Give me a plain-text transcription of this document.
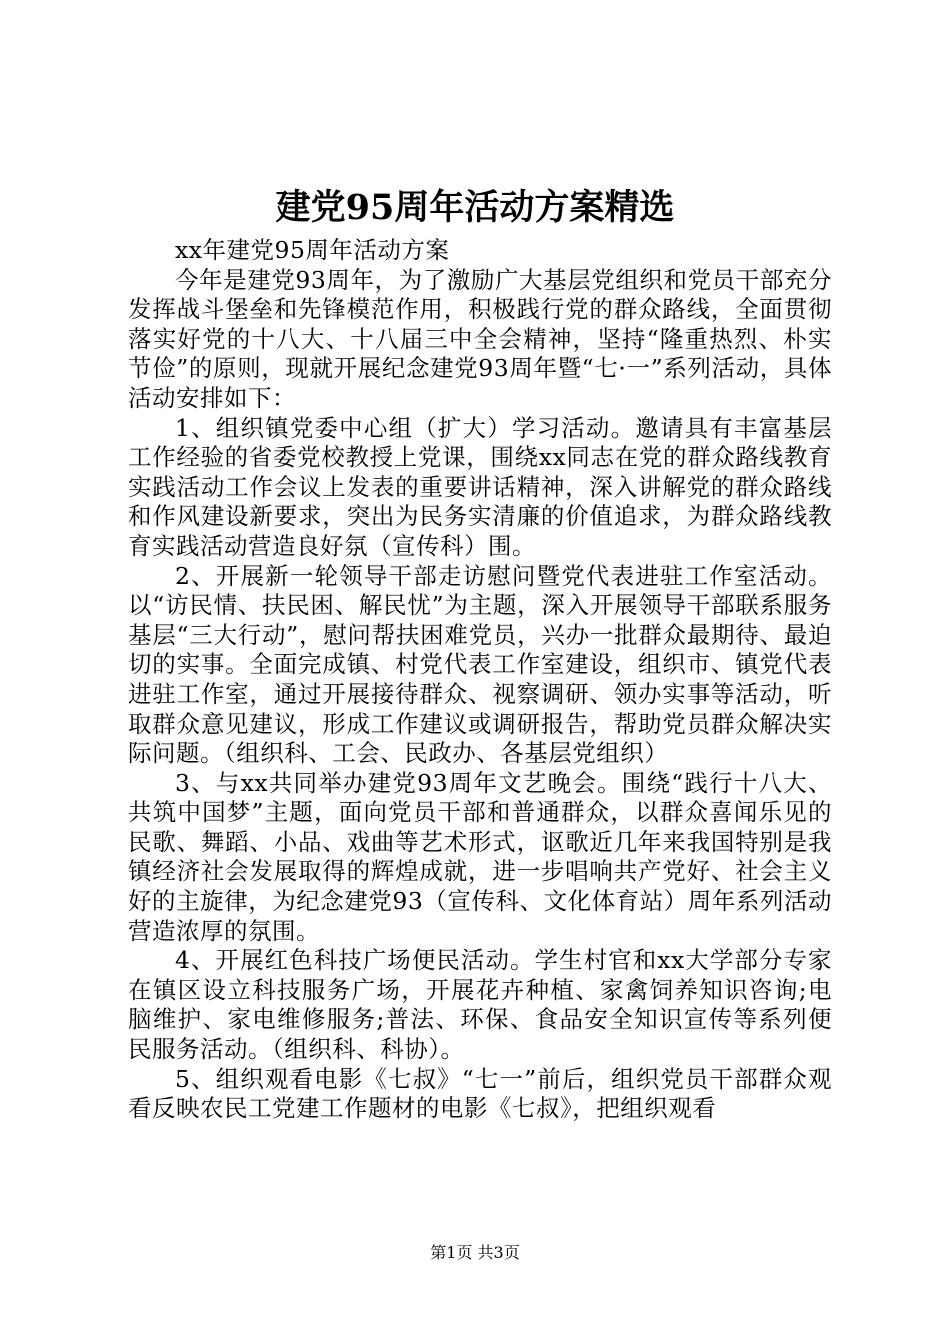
建党95周年活动方案精选

xx年建党95周年活动方案

今年是建党93周年，为了激励广大基层党组织和党员干部充分发挥战斗堡垒和先锋模范作用，积极践行党的群众路线，全面贯彻落实好党的十八大、十八届三中全会精神，坚持“隆重热烈、朴实节俭”的原则，现就开展纪念建党93周年暨“七·一”系列活动，具体活动安排如下：

1、组织镇党委中心组（扩大）学习活动。邀请具有丰富基层工作经验的省委党校教授上党课，围绕xx同志在党的群众路线教育实践活动工作会议上发表的重要讲话精神，深入讲解党的群众路线和作风建设新要求，突出为民务实清廉的价值追求，为群众路线教育实践活动营造良好氛（宣传科）围。

2、开展新一轮领导干部走访慰问暨党代表进驻工作室活动。以“访民情、扶民困、解民忧”为主题，深入开展领导干部联系服务基层“三大行动”，慰问帮扶困难党员，兴办一批群众最期待、最迫切的实事。全面完成镇、村党代表工作室建设，组织市、镇党代表进驻工作室，通过开展接待群众、视察调研、领办实事等活动，听取群众意见建议，形成工作建议或调研报告，帮助党员群众解决实际问题。（组织科、工会、民政办、各基层党组织）

3、与xx共同举办建党93周年文艺晚会。围绕“践行十八大、共筑中国梦”主题，面向党员干部和普通群众，以群众喜闻乐见的民歌、舞蹈、小品、戏曲等艺术形式，讴歌近几年来我国特别是我镇经济社会发展取得的辉煌成就，进一步唱响共产党好、社会主义好的主旋律，为纪念建党93（宣传科、文化体育站）周年系列活动营造浓厚的氛围。

4、开展红色科技广场便民活动。学生村官和xx大学部分专家在镇区设立科技服务广场，开展花卉种植、家禽饲养知识咨询;电脑维护、家电维修服务;普法、环保、食品安全知识宣传等系列便民服务活动。（组织科、科协）。

5、组织观看电影《七叔》“七一”前后，组织党员干部群众观看反映农民工党建工作题材的电影《七叔》，把组织观看

第1页 共3页
